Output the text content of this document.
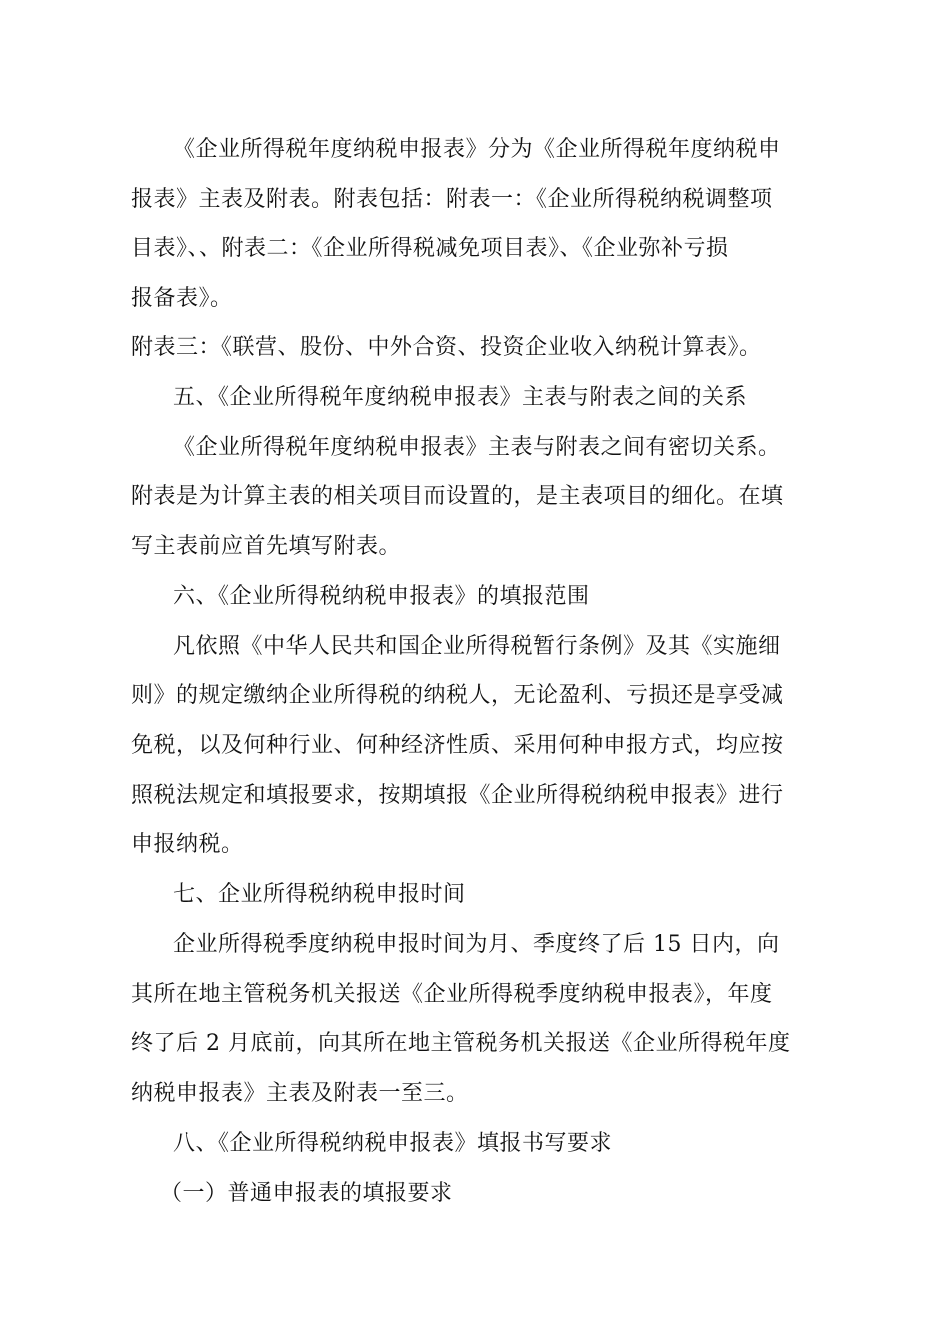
《企业所得税年度纳税申报表》分为《企业所得税年度纳税申
报表》主表及附表。附表包括：附表一：《企业所得税纳税调整项
目表》、、附表二：《企业所得税减免项目表》、《企业弥补亏损
报备表》。
附表三：《联营、股份、中外合资、投资企业收入纳税计算表》。
五、《企业所得税年度纳税申报表》主表与附表之间的关系
《企业所得税年度纳税申报表》主表与附表之间有密切关系。
附表是为计算主表的相关项目而设置的，是主表项目的细化。在填
写主表前应首先填写附表。
六、《企业所得税纳税申报表》的填报范围
凡依照《中华人民共和国企业所得税暂行条例》及其《实施细
则》的规定缴纳企业所得税的纳税人，无论盈利、亏损还是享受减
免税，以及何种行业、何种经济性质、采用何种申报方式，均应按
照税法规定和填报要求，按期填报《企业所得税纳税申报表》进行
申报纳税。
七、企业所得税纳税申报时间
企业所得税季度纳税申报时间为月、季度终了后 15 日内，向
其所在地主管税务机关报送《企业所得税季度纳税申报表》，年度
终了后 2 月底前，向其所在地主管税务机关报送《企业所得税年度
纳税申报表》主表及附表一至三。
八、《企业所得税纳税申报表》填报书写要求
（一）普通申报表的填报要求
